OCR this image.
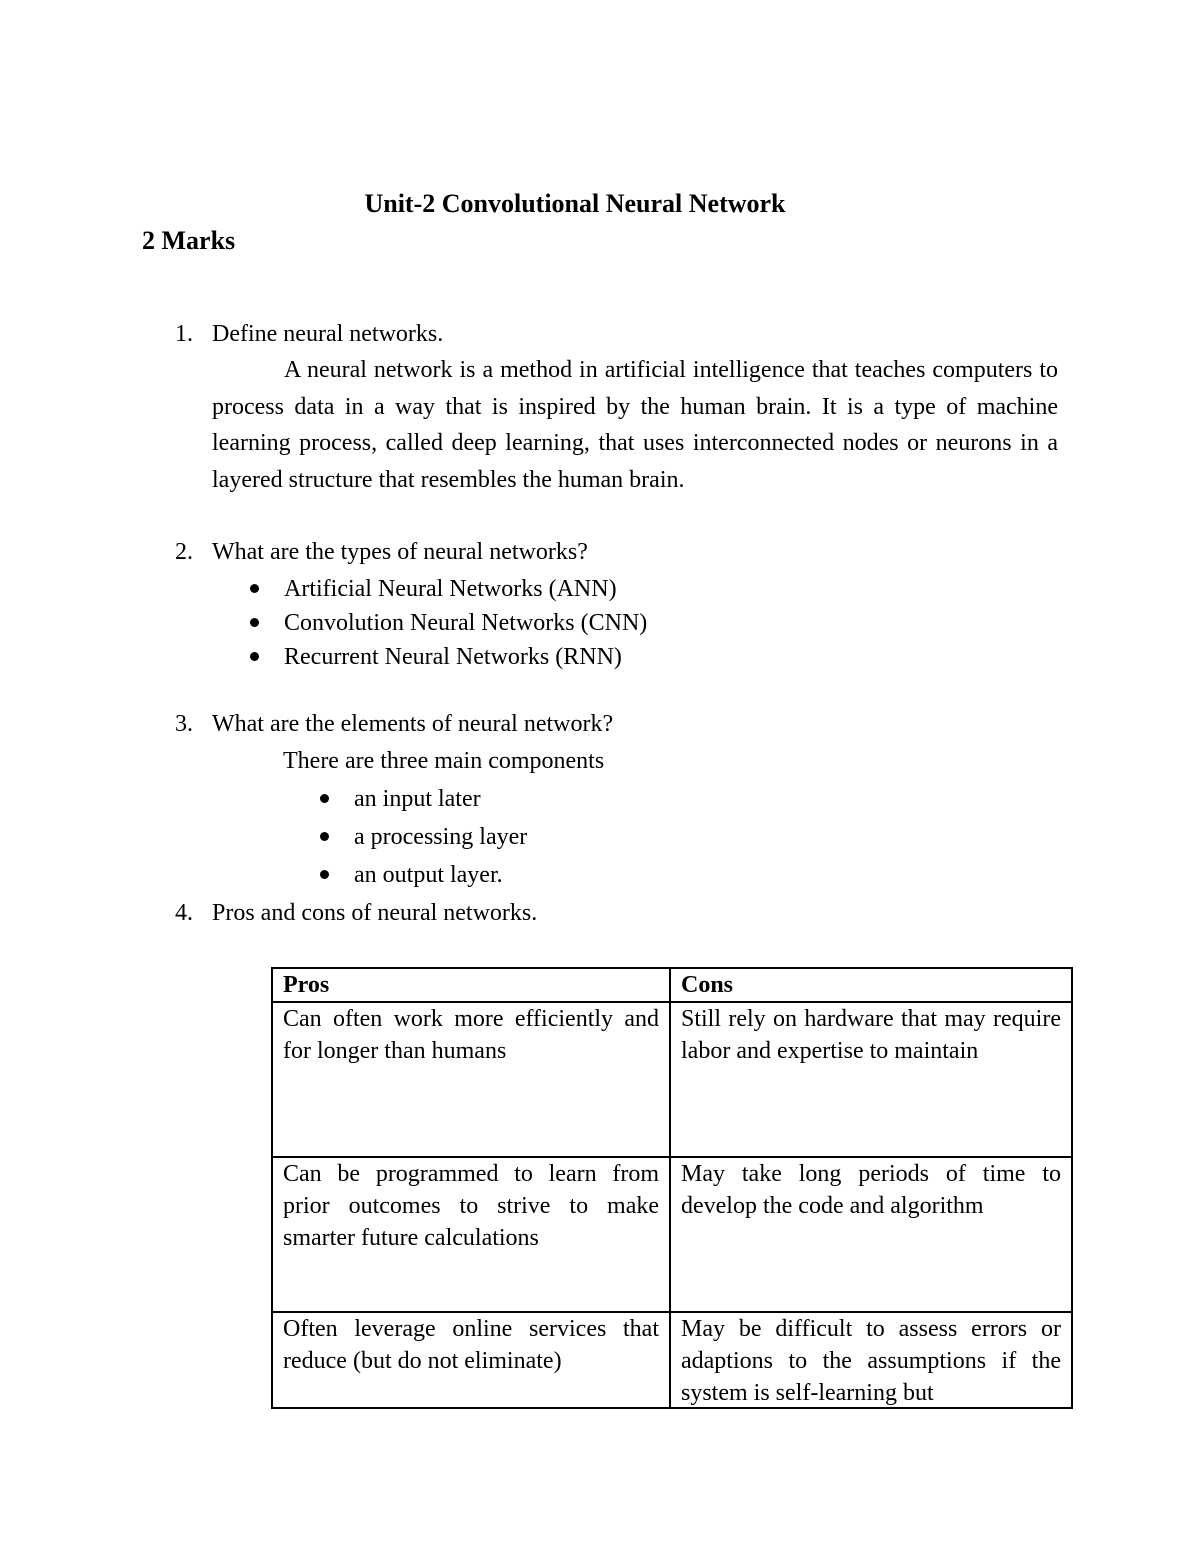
Unit-2 Convolutional Neural Network
2 Marks
1. Define neural networks.

A neural network is a method in artificial intelligence that teaches computers to process data in a way that is inspired by the human brain. It is a type of machine learning process, called deep learning, that uses interconnected nodes or neurons in a layered structure that resembles the human brain.

2. What are the types of neural networks?
Artificial Neural Networks (ANN)
Convolution Neural Networks (CNN)
Recurrent Neural Networks (RNN)
3. What are the elements of neural network?
There are three main components
an input later
a processing layer
an output layer.
4. Pros and cons of neural networks.
Pros	Cons
Can often work more efficiently and for longer than humans	Still rely on hardware that may require labor and expertise to maintain
Can be programmed to learn from prior outcomes to strive to make smarter future calculations	May take long periods of time to develop the code and algorithm

Often leverage online services that reduce (but do not eliminate)	May be difficult to assess errors or adaptions to the assumptions if the system is self-learning but
